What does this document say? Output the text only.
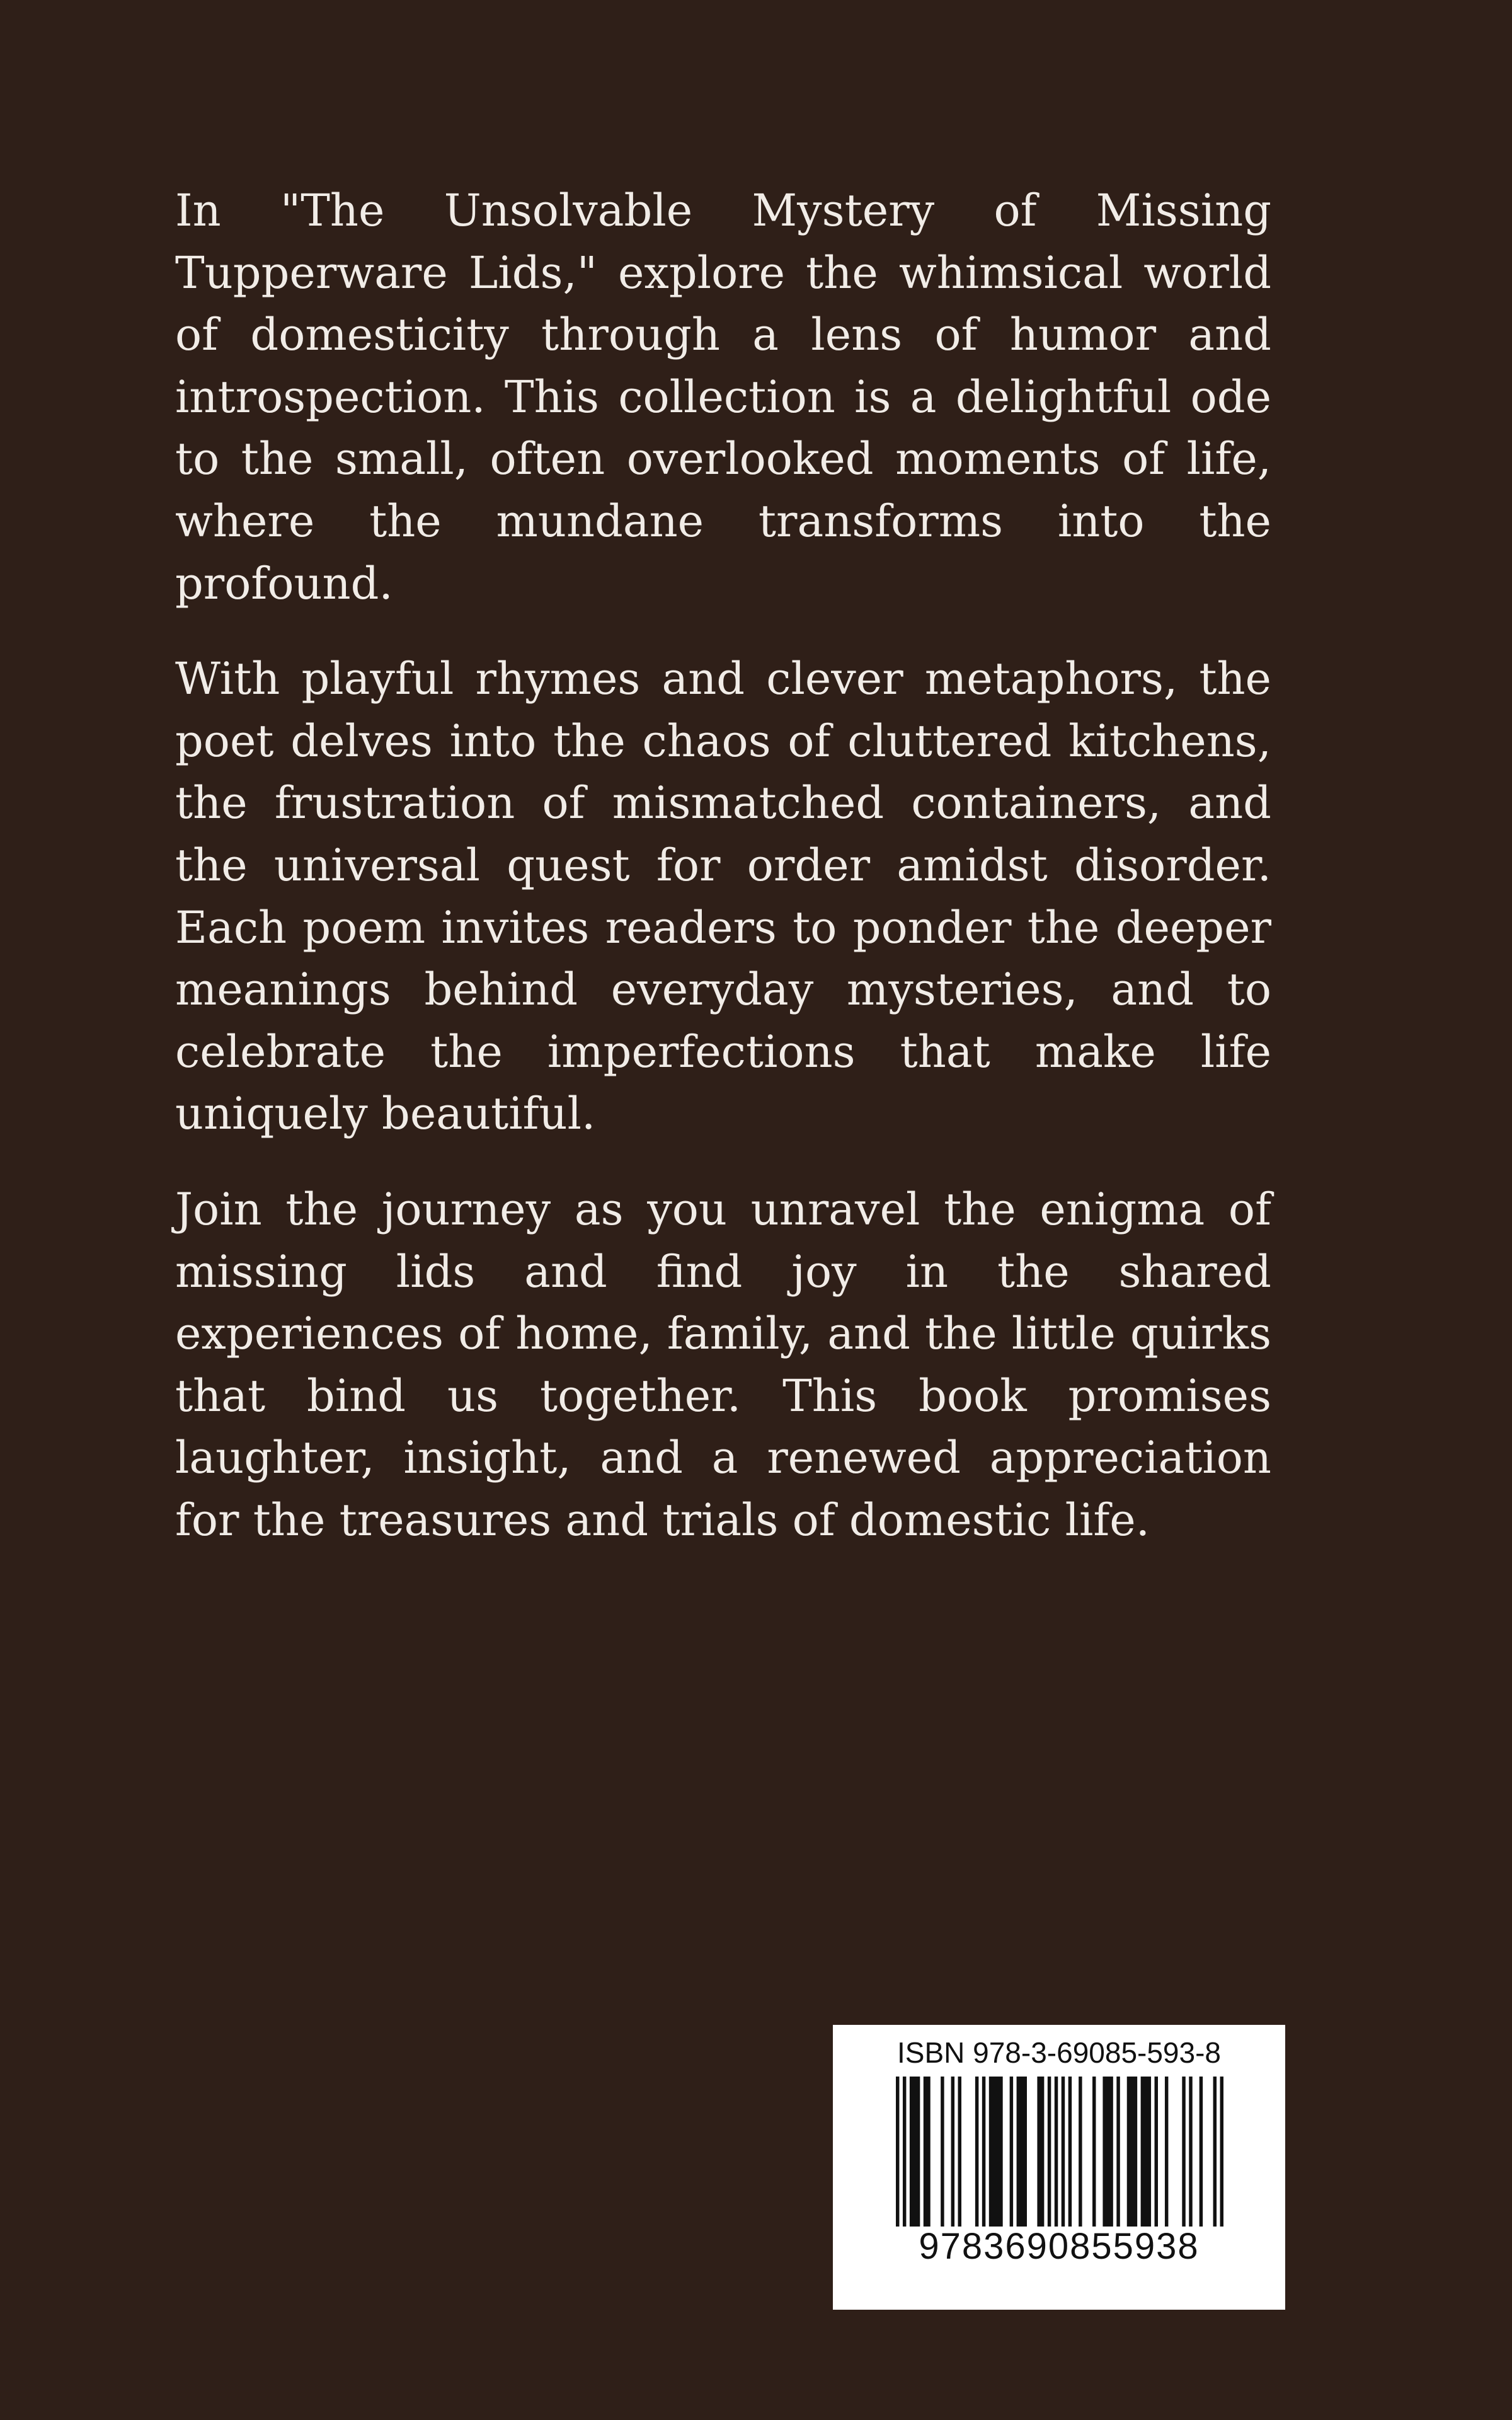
In "The Unsolvable Mystery of Missing Tupperware Lids," explore the whimsical world of domesticity through a lens of humor and introspection. This collection is a delightful ode to the small, often overlooked moments of life, where the mundane transforms into the profound.

With playful rhymes and clever metaphors, the poet delves into the chaos of cluttered kitchens, the frustration of mismatched containers, and the universal quest for order amidst disorder. Each poem invites readers to ponder the deeper meanings behind everyday mysteries, and to celebrate the imperfections that make life uniquely beautiful.

Join the journey as you unravel the enigma of missing lids and find joy in the shared experiences of home, family, and the little quirks that bind us together. This book promises laughter, insight, and a renewed appreciation for the treasures and trials of domestic life.

ISBN 978-3-69085-593-8
9783690855938
